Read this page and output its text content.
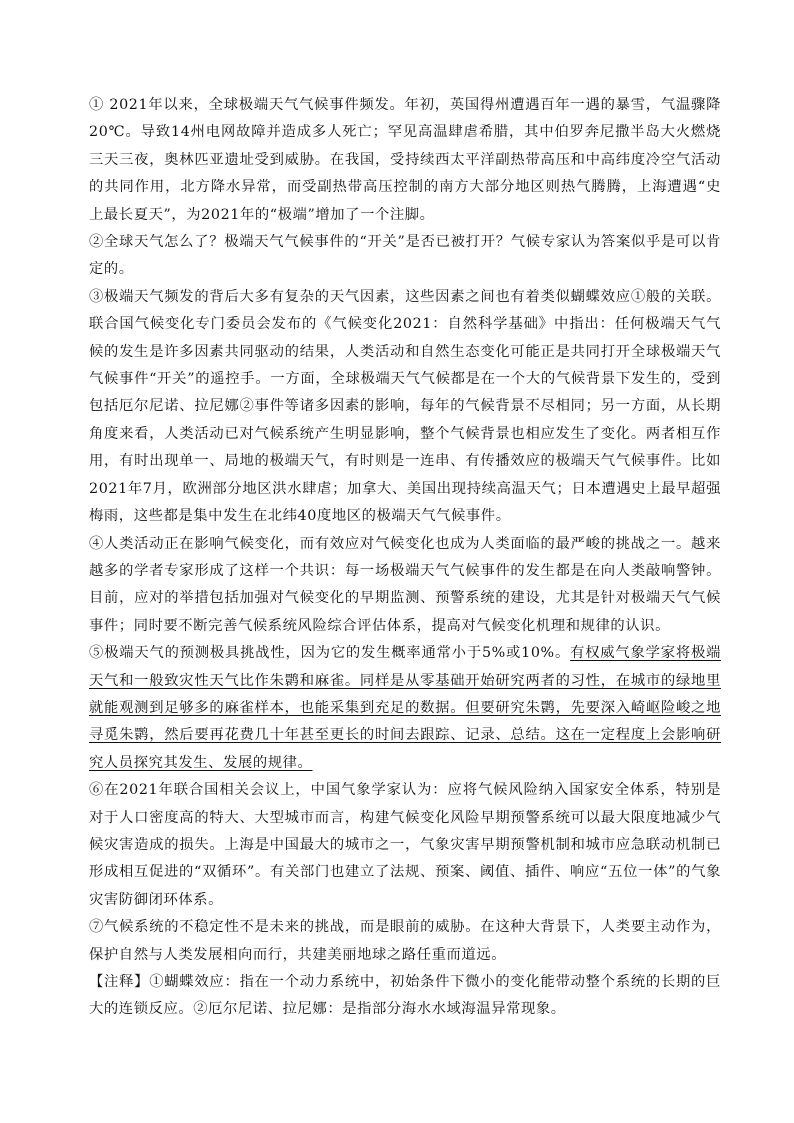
① 2021年以来，全球极端天气气候事件频发。年初，英国得州遭遇百年一遇的暴雪，气温骤降20℃。导致14州电网故障并造成多人死亡；罕见高温肆虐希腊，其中伯罗奔尼撒半岛大火燃烧三天三夜，奥林匹亚遗址受到威胁。在我国，受持续西太平洋副热带高压和中高纬度冷空气活动的共同作用，北方降水异常，而受副热带高压控制的南方大部分地区则热气腾腾，上海遭遇“史上最长夏天”，为2021年的“极端”增加了一个注脚。

②全球天气怎么了？极端天气气候事件的“开关”是否已被打开？气候专家认为答案似乎是可以肯定的。

③极端天气频发的背后大多有复杂的天气因素，这些因素之间也有着类似蝴蝶效应①般的关联。联合国气候变化专门委员会发布的《气候变化2021：自然科学基础》中指出：任何极端天气气候的发生是许多因素共同驱动的结果，人类活动和自然生态变化可能正是共同打开全球极端天气气候事件“开关”的遥控手。一方面，全球极端天气气候都是在一个大的气候背景下发生的，受到包括厄尔尼诺、拉尼娜②事件等诸多因素的影响，每年的气候背景不尽相同；另一方面，从长期角度来看，人类活动已对气候系统产生明显影响，整个气候背景也相应发生了变化。两者相互作用，有时出现单一、局地的极端天气，有时则是一连串、有传播效应的极端天气气候事件。比如2021年7月，欧洲部分地区洪水肆虐；加拿大、美国出现持续高温天气；日本遭遇史上最早超强梅雨，这些都是集中发生在北纬40度地区的极端天气气候事件。

④人类活动正在影响气候变化，而有效应对气候变化也成为人类面临的最严峻的挑战之一。越来越多的学者专家形成了这样一个共识：每一场极端天气气候事件的发生都是在向人类敲响警钟。目前，应对的举措包括加强对气候变化的早期监测、预警系统的建设，尤其是针对极端天气气候事件；同时要不断完善气候系统风险综合评估体系，提高对气候变化机理和规律的认识。

⑤极端天气的预测极具挑战性，因为它的发生概率通常小于5%或10%。有权威气象学家将极端天气和一般致灾性天气比作朱鹮和麻雀。同样是从零基础开始研究两者的习性，在城市的绿地里就能观测到足够多的麻雀样本，也能采集到充足的数据。但要研究朱鹮，先要深入崎岖险峻之地寻觅朱鹮，然后要再花费几十年甚至更长的时间去跟踪、记录、总结。这在一定程度上会影响研究人员探究其发生、发展的规律。

⑥在2021年联合国相关会议上，中国气象学家认为：应将气候风险纳入国家安全体系，特别是对于人口密度高的特大、大型城市而言，构建气候变化风险早期预警系统可以最大限度地减少气候灾害造成的损失。上海是中国最大的城市之一，气象灾害早期预警机制和城市应急联动机制已形成相互促进的“双循环”。有关部门也建立了法规、预案、阈值、插件、响应“五位一体”的气象灾害防御闭环体系。

⑦气候系统的不稳定性不是未来的挑战，而是眼前的威胁。在这种大背景下，人类要主动作为，保护自然与人类发展相向而行，共建美丽地球之路任重而道远。

【注释】①蝴蝶效应：指在一个动力系统中，初始条件下微小的变化能带动整个系统的长期的巨大的连锁反应。②厄尔尼诺、拉尼娜：是指部分海水水域海温异常现象。
